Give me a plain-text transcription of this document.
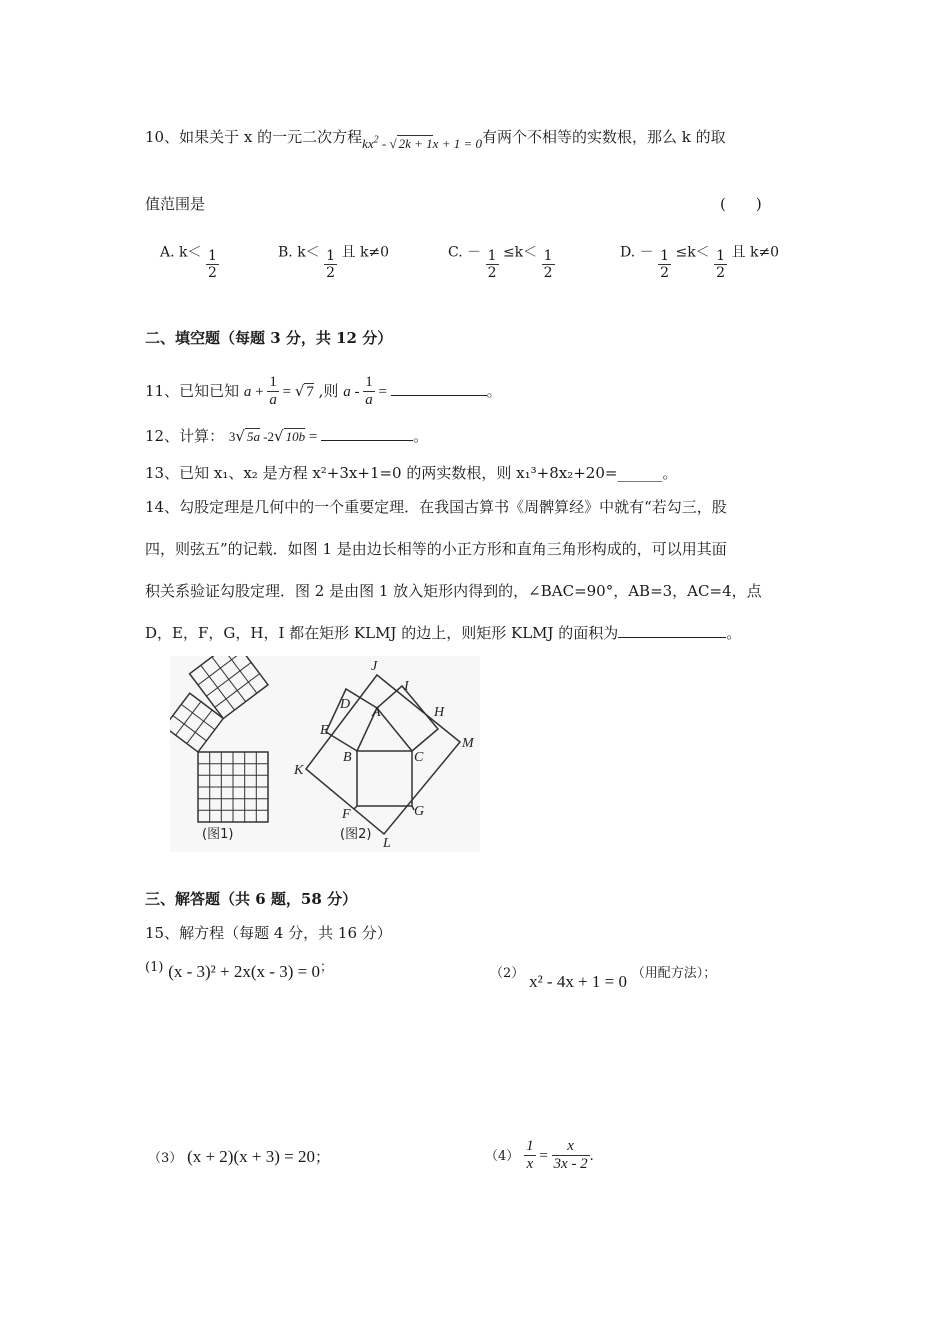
10、如果关于 x 的一元二次方程$kx^2$ - √ 2k + 1x + 1 = 0有两个不相等的实数根，那么 k 的取
值范围是	(　　)
A. $k< \frac{1}{2}$	B. $k< \frac{1}{2}$ 且 k≠0	C. － $\frac{1}{2} \le k< \frac{1}{2}$	D. － $\frac{1}{2} \le k< \frac{1}{2}$ 且 k≠0
二、填空题（每题 3 分，共 12 分）
11、已知已知 $a + \frac{1}{a}$ = √ 7 ,则 a - $\frac{1}{a}$ =	。
12、计算： 3√ 5a -2√ 10b =	。
13、已知 x₁、x₂ 是方程 x²+3x+1=0 的两实数根，则 x₁³+8x₂+20=______。
14、勾股定理是几何中的一个重要定理．在我国古算书《周髀算经》中就有“若勾三，股
四，则弦五”的记载．如图 1 是由边长相等的小正方形和直角三角形构成的，可以用其面
积关系验证勾股定理．图 2 是由图 1 放入矩形内得到的，∠BAC=90°，AB=3，AC=4，点
D，E，F，G，H，I 都在矩形 KLMJ 的边上，则矩形 KLMJ 的面积为	。
J
I
D
A	H
E
M
B	C
K
F	G
L
(图1)	(图2)
三、解答题（共 6 题，58 分）
15、解方程（每题 4 分，共 16 分）
(1) (x - 3)² + 2x(x - 3) = 0；	（2） x² - 4x + 1 = 0 （用配方法）；
（3） (x + 2)(x + 3) = 20；	$(4) \frac{1}{x} = \frac{x}{3x - 2}$ .
